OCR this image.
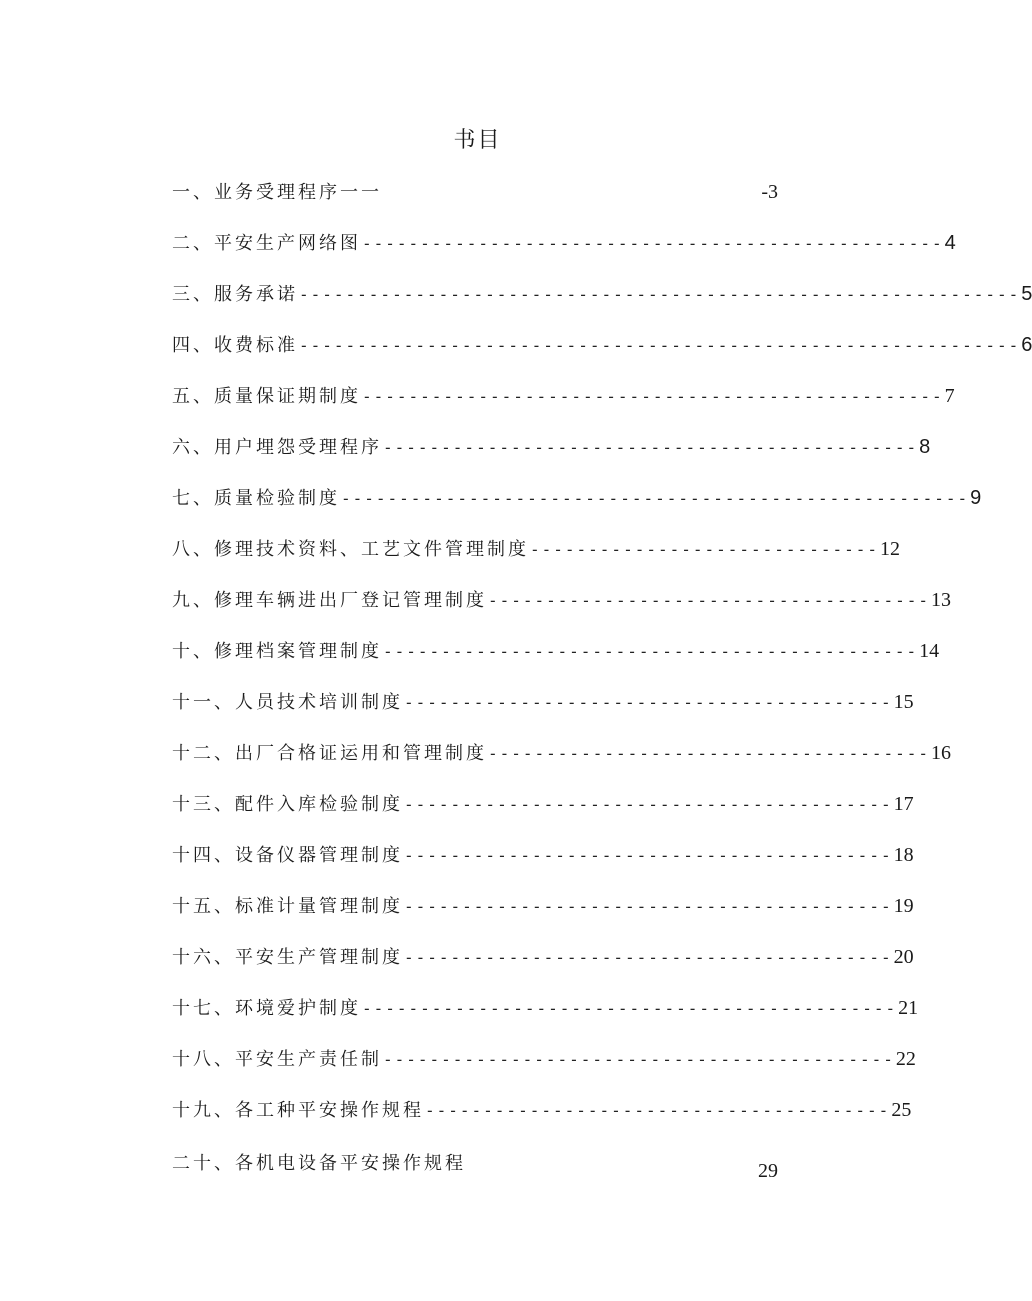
书目
一、业务受理程序一一	-3
二、平安生产网络图 -------------------------------------------------- 4
三、服务承诺 -------------------------------------------------------------- 5
四、收费标准 -------------------------------------------------------------- 6
五、质量保证期制度 -------------------------------------------------- 7
六、用户埋怨受理程序 ---------------------------------------------- 8
七、质量检验制度 ------------------------------------------------------ 9
八、修理技术资料、工艺文件管理制度 ------------------------------ 12
九、修理车辆进出厂登记管理制度 -------------------------------------- 13
十、修理档案管理制度 ---------------------------------------------- 14
十一、人员技术培训制度 ------------------------------------------ 15
十二、出厂合格证运用和管理制度 -------------------------------------- 16
十三、配件入库检验制度 ------------------------------------------ 17
十四、设备仪器管理制度 ------------------------------------------ 18
十五、标准计量管理制度 ------------------------------------------ 19
十六、平安生产管理制度 ------------------------------------------ 20
十七、环境爱护制度 ---------------------------------------------- 21
十八、平安生产责任制 -------------------------------------------- 22
十九、各工种平安操作规程 ---------------------------------------- 25
二十、各机电设备平安操作规程	29
